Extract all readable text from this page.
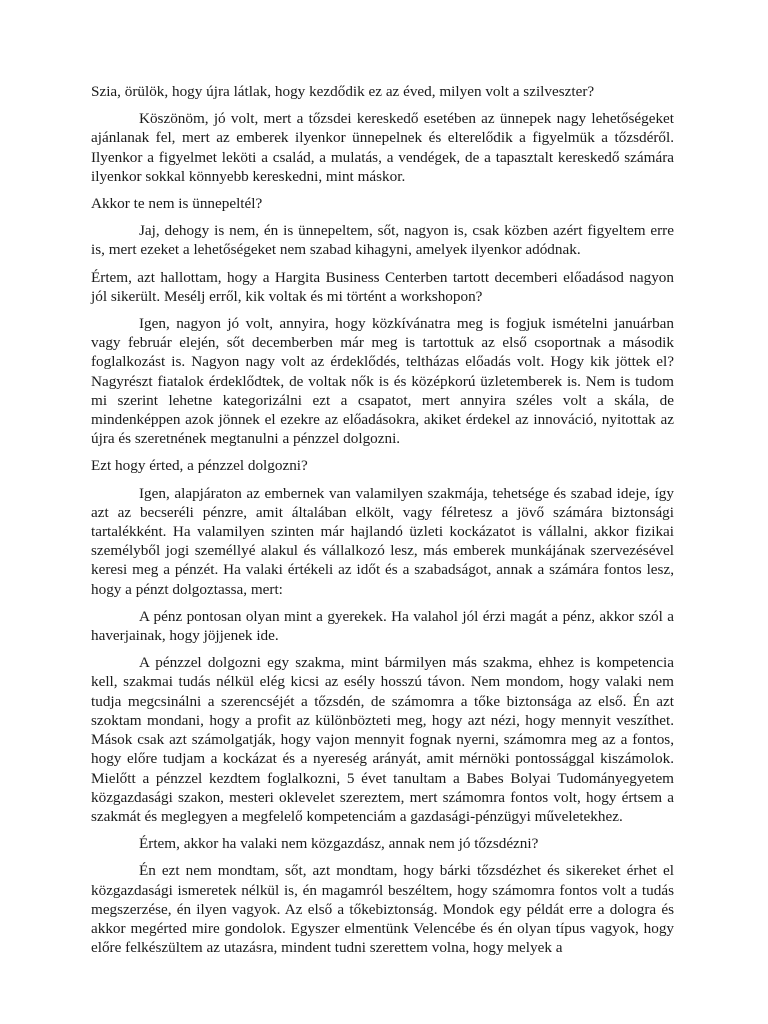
Szia, örülök, hogy újra látlak, hogy kezdődik ez az éved, milyen volt a szilveszter?

Köszönöm, jó volt, mert a tőzsdei kereskedő esetében az ünnepek nagy lehetőségeket ajánlanak fel, mert az emberek ilyenkor ünnepelnek és elterelődik a figyelmük a tőzsdéről. Ilyenkor a figyelmet leköti a család, a mulatás, a vendégek, de a tapasztalt kereskedő számára ilyenkor sokkal könnyebb kereskedni, mint máskor.

Akkor te nem is ünnepeltél?

Jaj, dehogy is nem, én is ünnepeltem, sőt, nagyon is, csak közben azért figyeltem erre is, mert ezeket a lehetőségeket nem szabad kihagyni, amelyek ilyenkor adódnak.

Értem, azt hallottam, hogy a Hargita Business Centerben tartott decemberi előadásod nagyon jól sikerült. Mesélj erről, kik voltak és mi történt a workshopon?

Igen, nagyon jó volt, annyira, hogy közkívánatra meg is fogjuk ismételni januárban vagy február elején, sőt decemberben már meg is tartottuk az első csoportnak a második foglalkozást is. Nagyon nagy volt az érdeklődés, teltházas előadás volt. Hogy kik jöttek el? Nagyrészt fiatalok érdeklődtek, de voltak nők is és középkorú üzletemberek is. Nem is tudom mi szerint lehetne kategorizálni ezt a csapatot, mert annyira széles volt a skála, de mindenképpen azok jönnek el ezekre az előadásokra, akiket érdekel az innováció, nyitottak az újra és szeretnének megtanulni a pénzzel dolgozni.

Ezt hogy érted, a pénzzel dolgozni?

Igen, alapjáraton az embernek van valamilyen szakmája, tehetsége és szabad ideje, így azt az becseréli pénzre, amit általában elkölt, vagy félretesz a jövő számára biztonsági tartalékként. Ha valamilyen szinten már hajlandó üzleti kockázatot is vállalni, akkor fizikai személyből jogi személlyé alakul és vállalkozó lesz, más emberek munkájának szervezésével keresi meg a pénzét. Ha valaki értékeli az időt és a szabadságot, annak a számára fontos lesz, hogy a pénzt dolgoztassa, mert:

A pénz pontosan olyan mint a gyerekek. Ha valahol jól érzi magát a pénz, akkor szól a haverjainak, hogy jöjjenek ide.

A pénzzel dolgozni egy szakma, mint bármilyen más szakma, ehhez is kompetencia kell, szakmai tudás nélkül elég kicsi az esély hosszú távon. Nem mondom, hogy valaki nem tudja megcsinálni a szerencséjét a tőzsdén, de számomra a tőke biztonsága az első. Én azt szoktam mondani, hogy a profit az különbözteti meg, hogy azt nézi, hogy mennyit veszíthet. Mások csak azt számolgatják, hogy vajon mennyit fognak nyerni, számomra meg az a fontos, hogy előre tudjam a kockázat és a nyereség arányát, amit mérnöki pontossággal kiszámolok. Mielőtt a pénzzel kezdtem foglalkozni, 5 évet tanultam a Babes Bolyai Tudományegyetem közgazdasági szakon, mesteri oklevelet szereztem, mert számomra fontos volt, hogy értsem a szakmát és meglegyen a megfelelő kompetenciám a gazdasági-pénzügyi műveletekhez.

Értem, akkor ha valaki nem közgazdász, annak nem jó tőzsdézni?

Én ezt nem mondtam, sőt, azt mondtam, hogy bárki tőzsdézhet és sikereket érhet el közgazdasági ismeretek nélkül is, én magamról beszéltem, hogy számomra fontos volt a tudás megszerzése, én ilyen vagyok. Az első a tőkebiztonság. Mondok egy példát erre a dologra és akkor megérted mire gondolok. Egyszer elmentünk Velencébe és én olyan típus vagyok, hogy előre felkészültem az utazásra, mindent tudni szerettem volna, hogy melyek a
